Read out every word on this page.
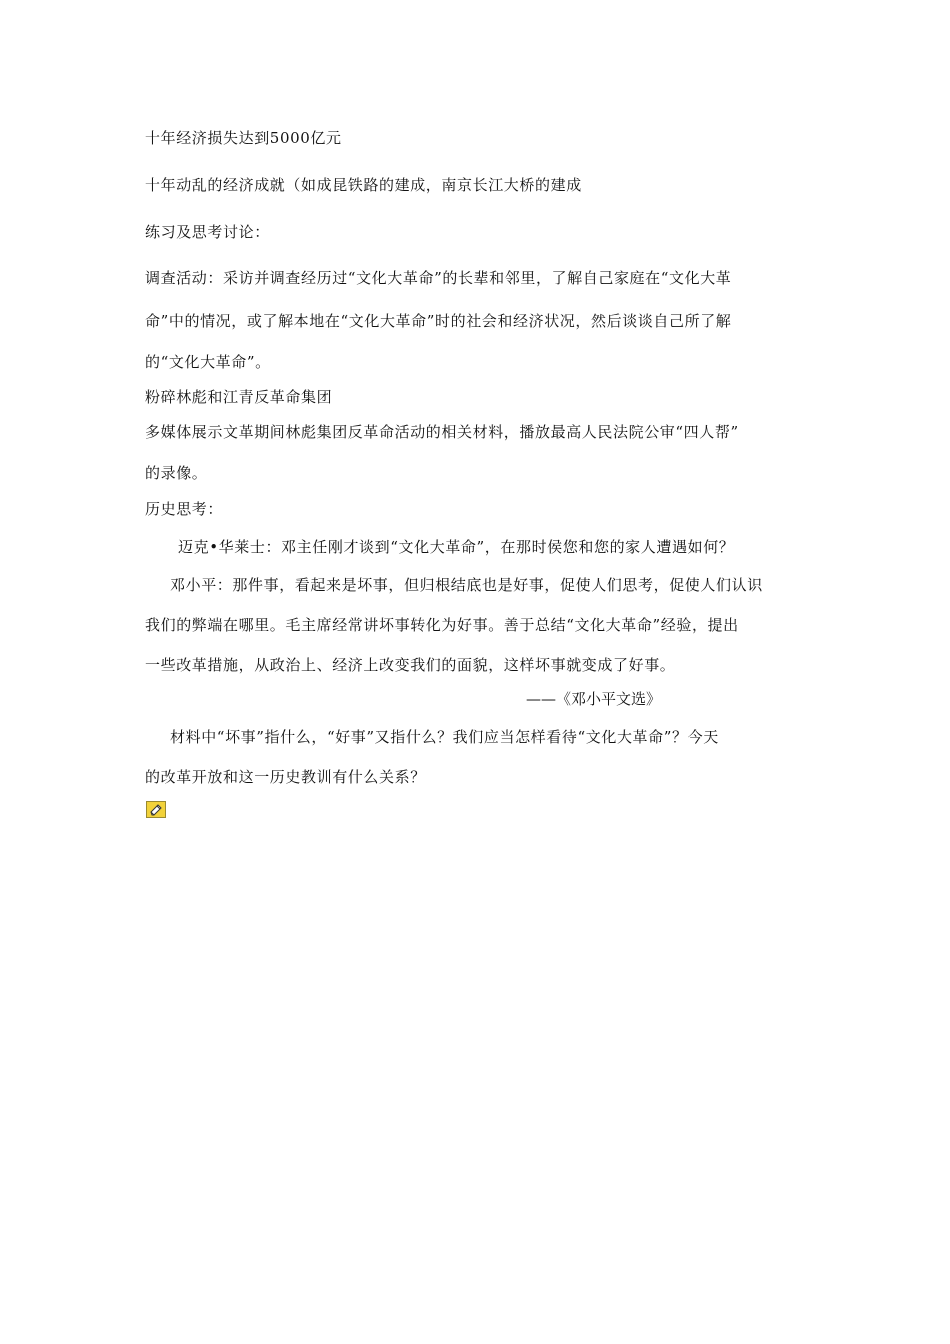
十年经济损失达到5000亿元
十年动乱的经济成就（如成昆铁路的建成，南京长江大桥的建成
练习及思考讨论：
调查活动：采访并调查经历过“文化大革命”的长辈和邻里，了解自己家庭在“文化大革
命”中的情况，或了解本地在“文化大革命”时的社会和经济状况，然后谈谈自己所了解
的“文化大革命”。
粉碎林彪和江青反革命集团
多媒体展示文革期间林彪集团反革命活动的相关材料，播放最高人民法院公审“四人帮”
的录像。
历史思考：
迈克•华莱士：邓主任刚才谈到“文化大革命”，在那时侯您和您的家人遭遇如何？
邓小平：那件事，看起来是坏事，但归根结底也是好事，促使人们思考，促使人们认识
我们的弊端在哪里。毛主席经常讲坏事转化为好事。善于总结“文化大革命”经验，提出
一些改革措施，从政治上、经济上改变我们的面貌，这样坏事就变成了好事。
——《邓小平文选》
材料中“坏事”指什么，“好事”又指什么？我们应当怎样看待“文化大革命”？今天
的改革开放和这一历史教训有什么关系？
